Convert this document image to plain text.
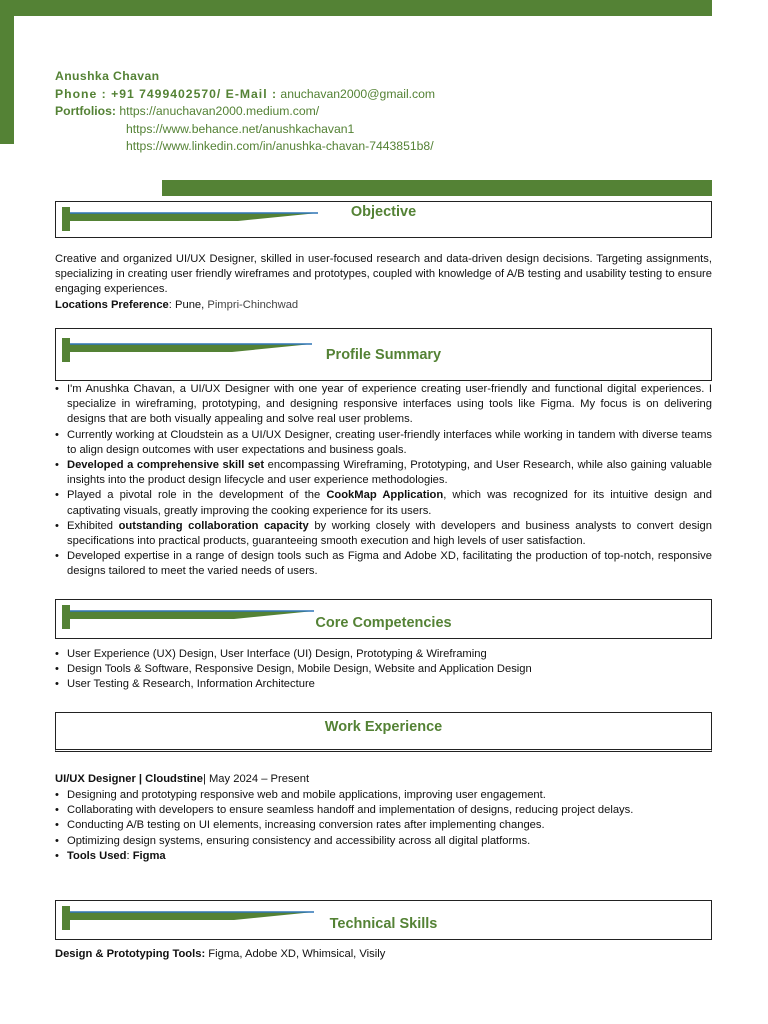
Anushka Chavan
Phone : +91 7499402570/ E-Mail : anuchavan2000@gmail.com
Portfolios: https://anuchavan2000.medium.com/
https://www.behance.net/anushkachavan1
https://www.linkedin.com/in/anushka-chavan-7443851b8/
Objective
Creative and organized UI/UX Designer, skilled in user-focused research and data-driven design decisions. Targeting assignments, specializing in creating user friendly wireframes and prototypes, coupled with knowledge of A/B testing and usability testing to ensure engaging experiences.
Locations Preference: Pune, Pimpri-Chinchwad
Profile Summary
• I'm Anushka Chavan, a UI/UX Designer with one year of experience creating user-friendly and functional digital experiences. I specialize in wireframing, prototyping, and designing responsive interfaces using tools like Figma. My focus is on delivering designs that are both visually appealing and solve real user problems.
• Currently working at Cloudstein as a UI/UX Designer, creating user-friendly interfaces while working in tandem with diverse teams to align design outcomes with user expectations and business goals.
• Developed a comprehensive skill set encompassing Wireframing, Prototyping, and User Research, while also gaining valuable insights into the product design lifecycle and user experience methodologies.
• Played a pivotal role in the development of the CookMap Application, which was recognized for its intuitive design and captivating visuals, greatly improving the cooking experience for its users.
• Exhibited outstanding collaboration capacity by working closely with developers and business analysts to convert design specifications into practical products, guaranteeing smooth execution and high levels of user satisfaction.
• Developed expertise in a range of design tools such as Figma and Adobe XD, facilitating the production of top-notch, responsive designs tailored to meet the varied needs of users.
Core Competencies
• User Experience (UX) Design, User Interface (UI) Design, Prototyping & Wireframing
• Design Tools & Software, Responsive Design, Mobile Design, Website and Application Design
• User Testing & Research, Information Architecture
Work Experience
UI/UX Designer | Cloudstine| May 2024 – Present
• Designing and prototyping responsive web and mobile applications, improving user engagement.
• Collaborating with developers to ensure seamless handoff and implementation of designs, reducing project delays.
• Conducting A/B testing on UI elements, increasing conversion rates after implementing changes.
• Optimizing design systems, ensuring consistency and accessibility across all digital platforms.
• Tools Used: Figma
Technical Skills
Design & Prototyping Tools: Figma, Adobe XD, Whimsical, Visily
